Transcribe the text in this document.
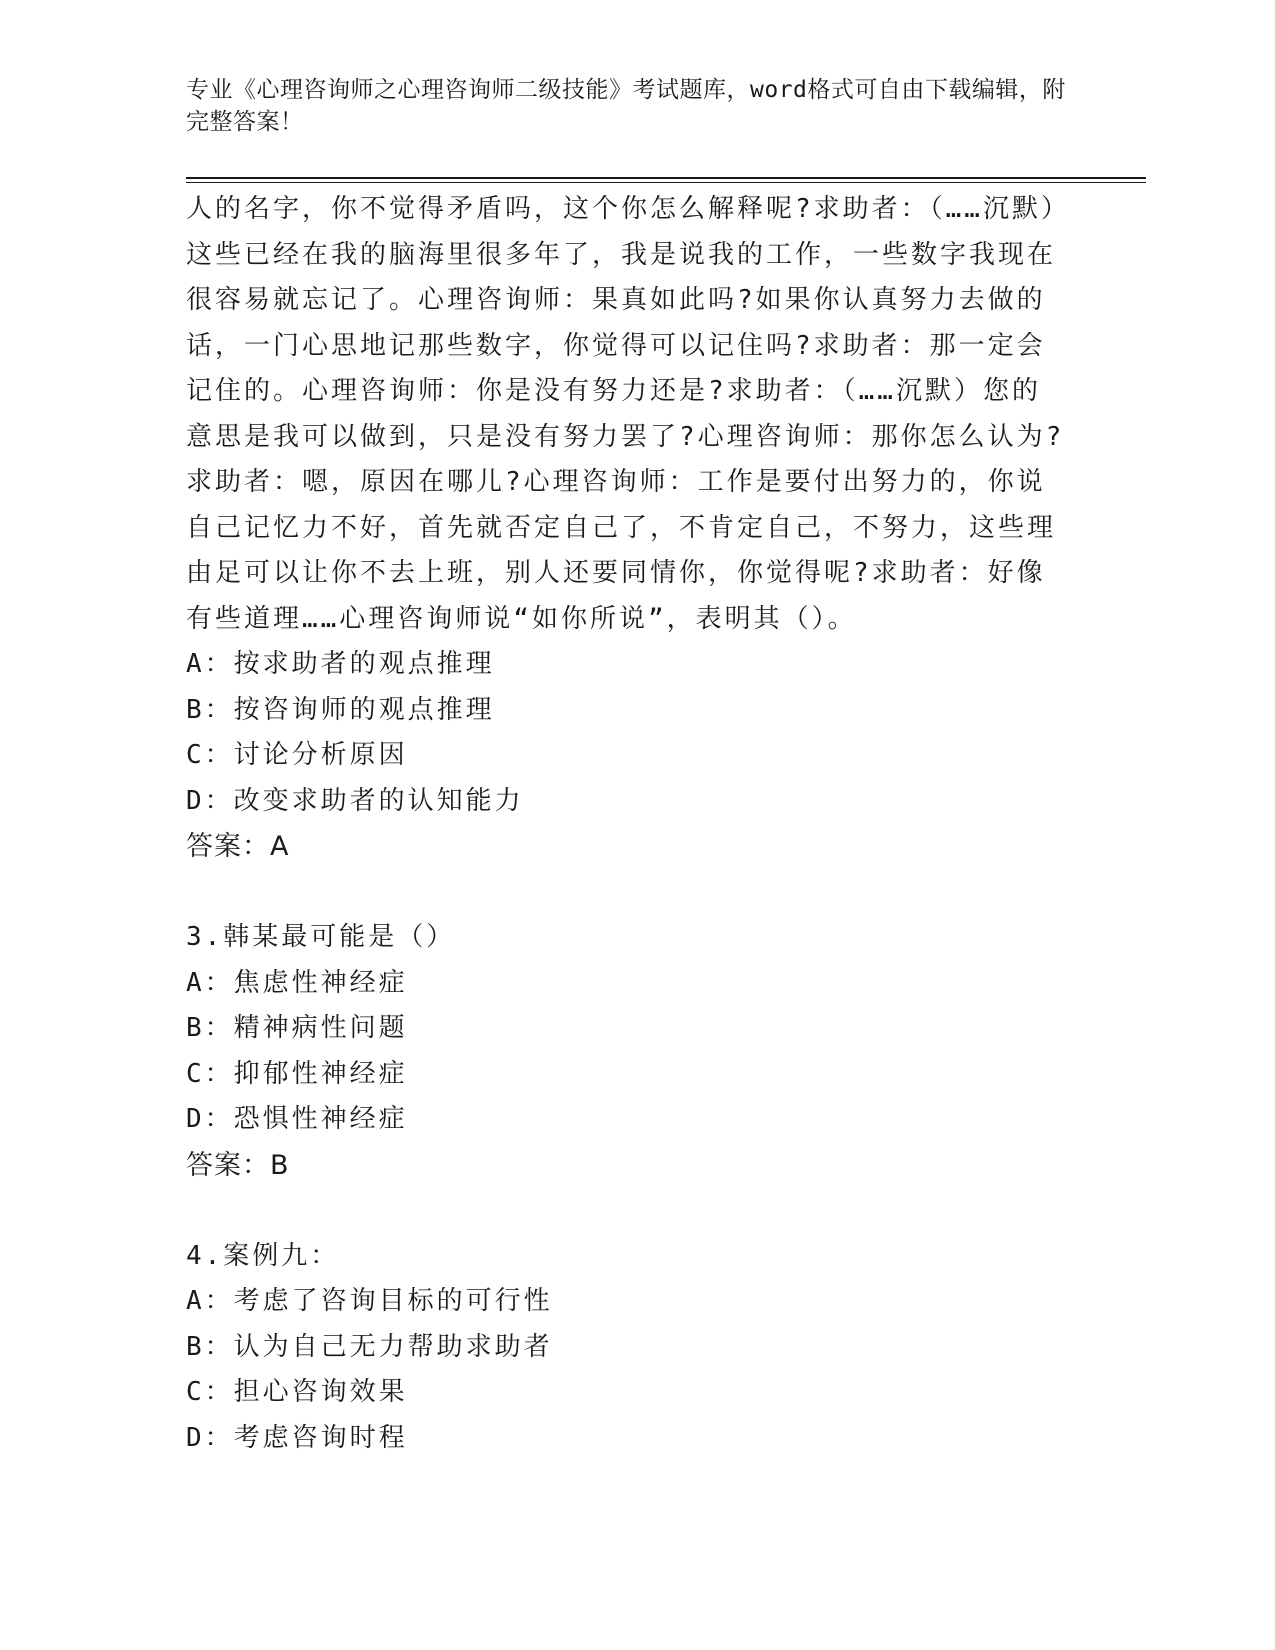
专业《心理咨询师之心理咨询师二级技能》考试题库，word格式可自由下载编辑，附完整答案！
人的名字，你不觉得矛盾吗，这个你怎么解释呢?求助者：（……沉默）这些已经在我的脑海里很多年了，我是说我的工作，一些数字我现在很容易就忘记了。心理咨询师：果真如此吗?如果你认真努力去做的话，一门心思地记那些数字，你觉得可以记住吗?求助者：那一定会记住的。心理咨询师：你是没有努力还是?求助者：（……沉默）您的意思是我可以做到，只是没有努力罢了?心理咨询师：那你怎么认为?求助者：嗯，原因在哪儿?心理咨询师：工作是要付出努力的，你说自己记忆力不好，首先就否定自己了，不肯定自己，不努力，这些理由足可以让你不去上班，别人还要同情你，你觉得呢?求助者：好像有些道理……心理咨询师说“如你所说”，表明其（）。
A：按求助者的观点推理
B：按咨询师的观点推理
C：讨论分析原因
D：改变求助者的认知能力
答案：A
3.韩某最可能是（）
A：焦虑性神经症
B：精神病性问题
C：抑郁性神经症
D：恐惧性神经症
答案：B
4.案例九：
A：考虑了咨询目标的可行性
B：认为自己无力帮助求助者
C：担心咨询效果
D：考虑咨询时程
